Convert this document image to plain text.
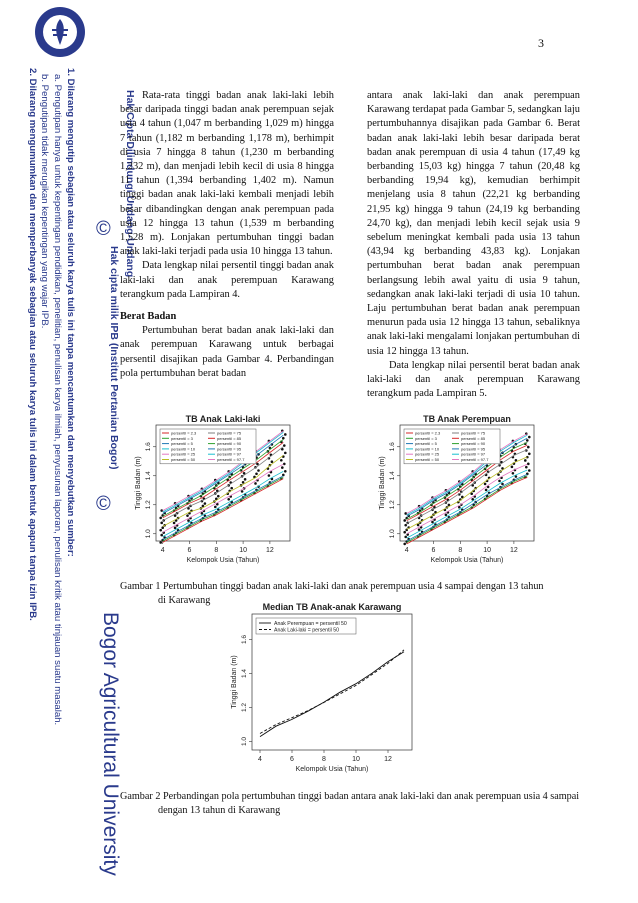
Hak Cipta Dilindungi Undang-Undang
1. Dilarang mengutip sebagian atau seluruh karya tulis ini tanpa mencantumkan dan menyebutkan sumber:
a. Pengutipan hanya untuk kepentingan pendidikan, penelitian, penulisan karya ilmiah, penyusunan laporan, penulisan kritik atau tinjauan suatu masalah.
b. Pengutipan tidak merugikan kepentingan yang wajar IPB.
2. Dilarang mengumumkan dan memperbanyak sebagian atau seluruh karya tulis ini dalam bentuk apapun tanpa izin IPB.	©
Hak cipta milik IPB (Institut Pertanian Bogor)
©
Bogor Agricultural University
3

Rata-rata tinggi badan anak laki-laki lebih besar daripada tinggi badan anak perempuan sejak usia 4 tahun (1,047 m berbanding 1,029 m) hingga 7 tahun (1,182 m berbanding 1,178 m), berhimpit di usia 7 hingga 8 tahun (1,230 m berbanding 1,232 m), dan menjadi lebih kecil di usia 8 hingga 11 tahun (1,394 berbanding 1,402 m). Namun tinggi badan anak laki-laki kembali menjadi lebih besar dibandingkan dengan anak perempuan pada usia 12 hingga 13 tahun (1,539 m berbanding 1,528 m). Lonjakan pertumbuhan tinggi badan anak laki-laki terjadi pada usia 10 hingga 13 tahun.

Data lengkap nilai persentil tinggi badan anak laki-laki dan anak perempuan Karawang terangkum pada Lampiran 4.

Berat Badan

Pertumbuhan berat badan anak laki-laki dan anak perempuan Karawang untuk berbagai persentil disajikan pada Gambar 4. Perbandingan pola pertumbuhan berat badan

antara anak laki-laki dan anak perempuan Karawang terdapat pada Gambar 5, sedangkan laju pertumbuhannya disajikan pada Gambar 6. Berat badan anak laki-laki lebih besar daripada berat badan anak perempuan di usia 4 tahun (17,49 kg berbanding 15,03 kg) hingga 7 tahun (20,48 kg berbanding 19,94 kg), kemudian berhimpit menjelang usia 8 tahun (22,21 kg berbanding 21,95 kg) hingga 9 tahun (24,19 kg berbanding 24,70 kg), dan menjadi lebih kecil sejak usia 9 sebelum meningkat kembali pada usia 13 tahun (43,94 kg berbanding 43,83 kg). Lonjakan pertumbuhan berat badan anak perempuan berlangsung lebih awal yaitu di usia 9 tahun, sedangkan anak laki-laki terjadi di usia 10 tahun. Laju pertumbuhan berat badan anak perempuan menurun pada usia 12 hingga 13 tahun, sebaliknya anak laki-laki mengalami lonjakan pertumbuhan di usia 12 hingga 13 tahun.

Data lengkap nilai persentil berat badan anak laki-laki dan anak perempuan Karawang terangkum pada Lampiran 5.

TB Anak Laki-laki
4	6	8	10	12
1.0
1.2
1.4
1.6
Kelompok Usia (Tahun)
Tinggi Badan (m)
persentil = 2.3
persentil = 3
persentil = 5
persentil = 10
persentil = 25
persentil = 50
persentil = 75
persentil = 85
persentil = 90
persentil = 95
persentil = 97
persentil = 97.7
TB Anak Perempuan
4	6	8	10	12
1.0
1.2
1.4
1.6
Kelompok Usia (Tahun)
Tinggi Badan (m)
persentil = 2.3
persentil = 3
persentil = 5
persentil = 10
persentil = 25
persentil = 50
persentil = 75
persentil = 85
persentil = 90
persentil = 95
persentil = 97
persentil = 97.7
Gambar 1 Pertumbuhan tinggi badan anak laki-laki dan anak perempuan usia 4 sampai dengan 13 tahun di Karawang
Median TB Anak-anak Karawang
4	6	8	10	12
1.0
1.2
1.4
1.6
Kelompok Usia (Tahun)
Tinggi Badan (m)
Anak Perempuan = persentil 50
Anak Laki-laki = persentil 50
Gambar 2 Perbandingan pola pertumbuhan tinggi badan antara anak laki-laki dan anak perempuan usia 4 sampai dengan 13 tahun di Karawang
